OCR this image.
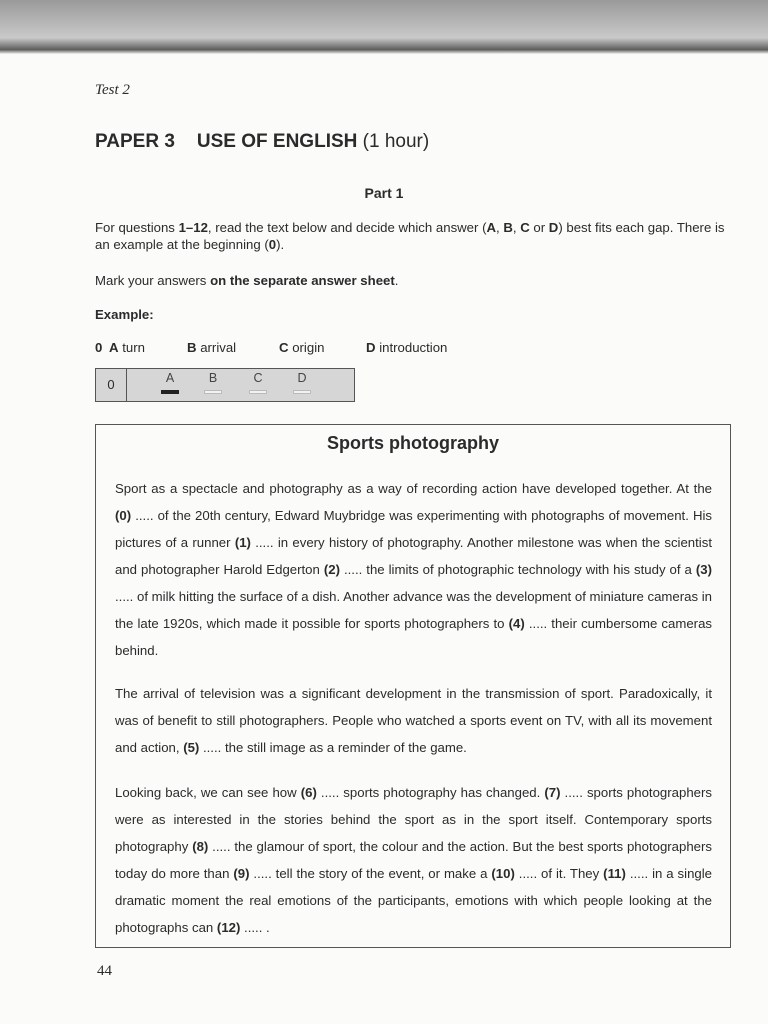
Test 2
PAPER 3 USE OF ENGLISH (1 hour)
Part 1

For questions 1–12, read the text below and decide which answer (A, B, C or D) best fits each gap. There is an example at the beginning (0).

Mark your answers on the separate answer sheet.
Example:
0 A turn	B arrival	C origin	D introduction
0	A	B	C	D
Sports photography

Sport as a spectacle and photography as a way of recording action have developed together. At the (0) ..... of the 20th century, Edward Muybridge was experimenting with photographs of movement. His pictures of a runner (1) ..... in every history of photography. Another milestone was when the scientist and photographer Harold Edgerton (2) ..... the limits of photographic technology with his study of a (3) ..... of milk hitting the surface of a dish. Another advance was the development of miniature cameras in the late 1920s, which made it possible for sports photographers to (4) ..... their cumbersome cameras behind.

The arrival of television was a significant development in the transmission of sport. Paradoxically, it was of benefit to still photographers. People who watched a sports event on TV, with all its movement and action, (5) ..... the still image as a reminder of the game.

Looking back, we can see how (6) ..... sports photography has changed. (7) ..... sports photographers were as interested in the stories behind the sport as in the sport itself. Contemporary sports photography (8) ..... the glamour of sport, the colour and the action. But the best sports photographers today do more than (9) ..... tell the story of the event, or make a (10) ..... of it. They (11) ..... in a single dramatic moment the real emotions of the participants, emotions with which people looking at the photographs can (12) ..... .

44
